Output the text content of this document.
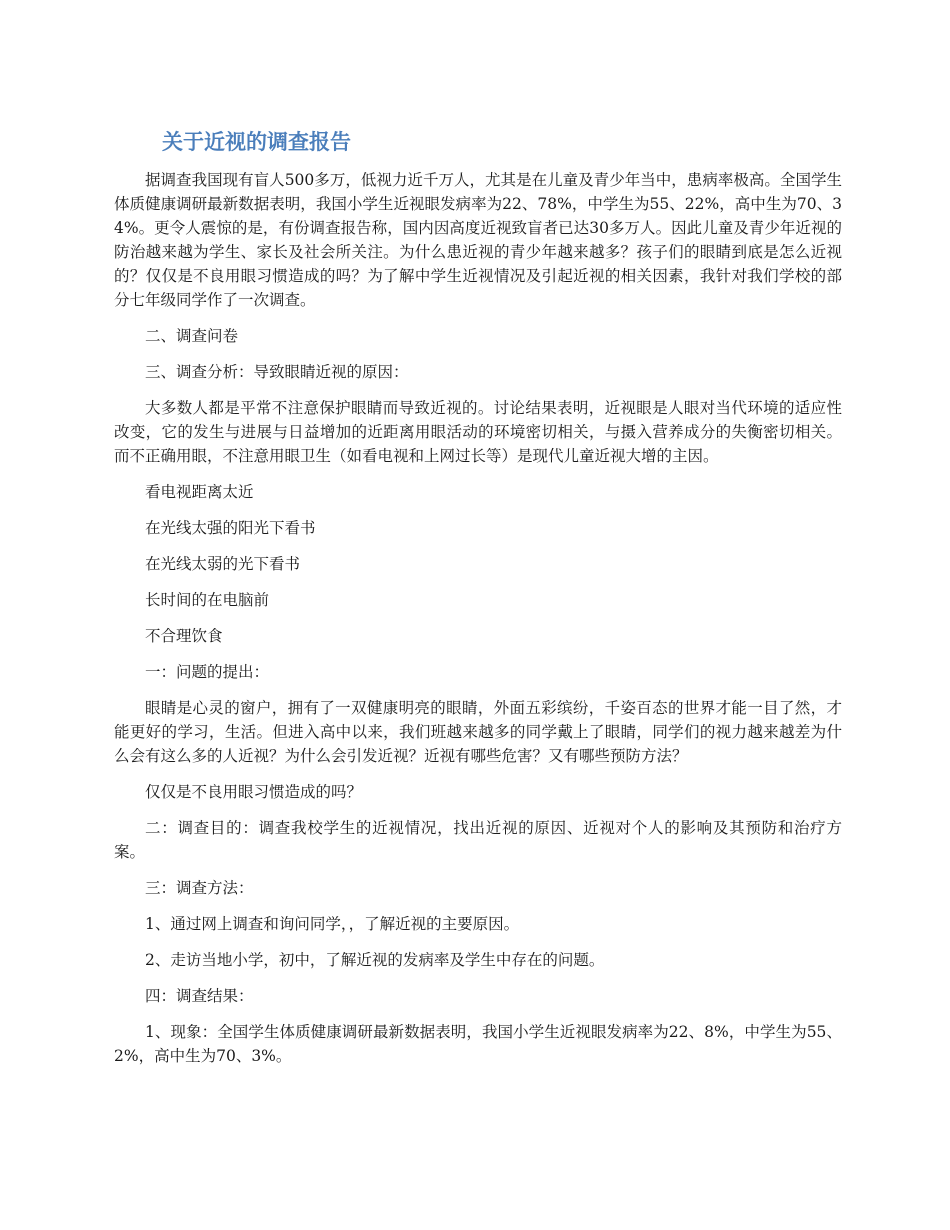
关于近视的调查报告

据调查我国现有盲人500多万，低视力近千万人，尤其是在儿童及青少年当中，患病率极高。全国学生体质健康调研最新数据表明，我国小学生近视眼发病率为22、78%，中学生为55、22%，高中生为70、34%。更令人震惊的是，有份调查报告称，国内因高度近视致盲者已达30多万人。因此儿童及青少年近视的防治越来越为学生、家长及社会所关注。为什么患近视的青少年越来越多？孩子们的眼睛到底是怎么近视的？仅仅是不良用眼习惯造成的吗？为了解中学生近视情况及引起近视的相关因素，我针对我们学校的部分七年级同学作了一次调查。

二、调查问卷

三、调查分析：导致眼睛近视的原因：

大多数人都是平常不注意保护眼睛而导致近视的。讨论结果表明，近视眼是人眼对当代环境的适应性改变，它的发生与进展与日益增加的近距离用眼活动的环境密切相关，与摄入营养成分的失衡密切相关。而不正确用眼，不注意用眼卫生（如看电视和上网过长等）是现代儿童近视大增的主因。

看电视距离太近

在光线太强的阳光下看书

在光线太弱的光下看书

长时间的在电脑前

不合理饮食

一：问题的提出：

眼睛是心灵的窗户，拥有了一双健康明亮的眼睛，外面五彩缤纷，千姿百态的世界才能一目了然，才能更好的学习，生活。但进入高中以来，我们班越来越多的同学戴上了眼睛，同学们的视力越来越差为什么会有这么多的人近视？为什么会引发近视？近视有哪些危害？又有哪些预防方法？

仅仅是不良用眼习惯造成的吗？

二：调查目的：调查我校学生的近视情况，找出近视的原因、近视对个人的影响及其预防和治疗方案。

三：调查方法：

1、通过网上调查和询问同学，，了解近视的主要原因。

2、走访当地小学，初中，了解近视的发病率及学生中存在的问题。

四：调查结果：

1、现象：全国学生体质健康调研最新数据表明，我国小学生近视眼发病率为22、8%，中学生为55、2%，高中生为70、3%。
